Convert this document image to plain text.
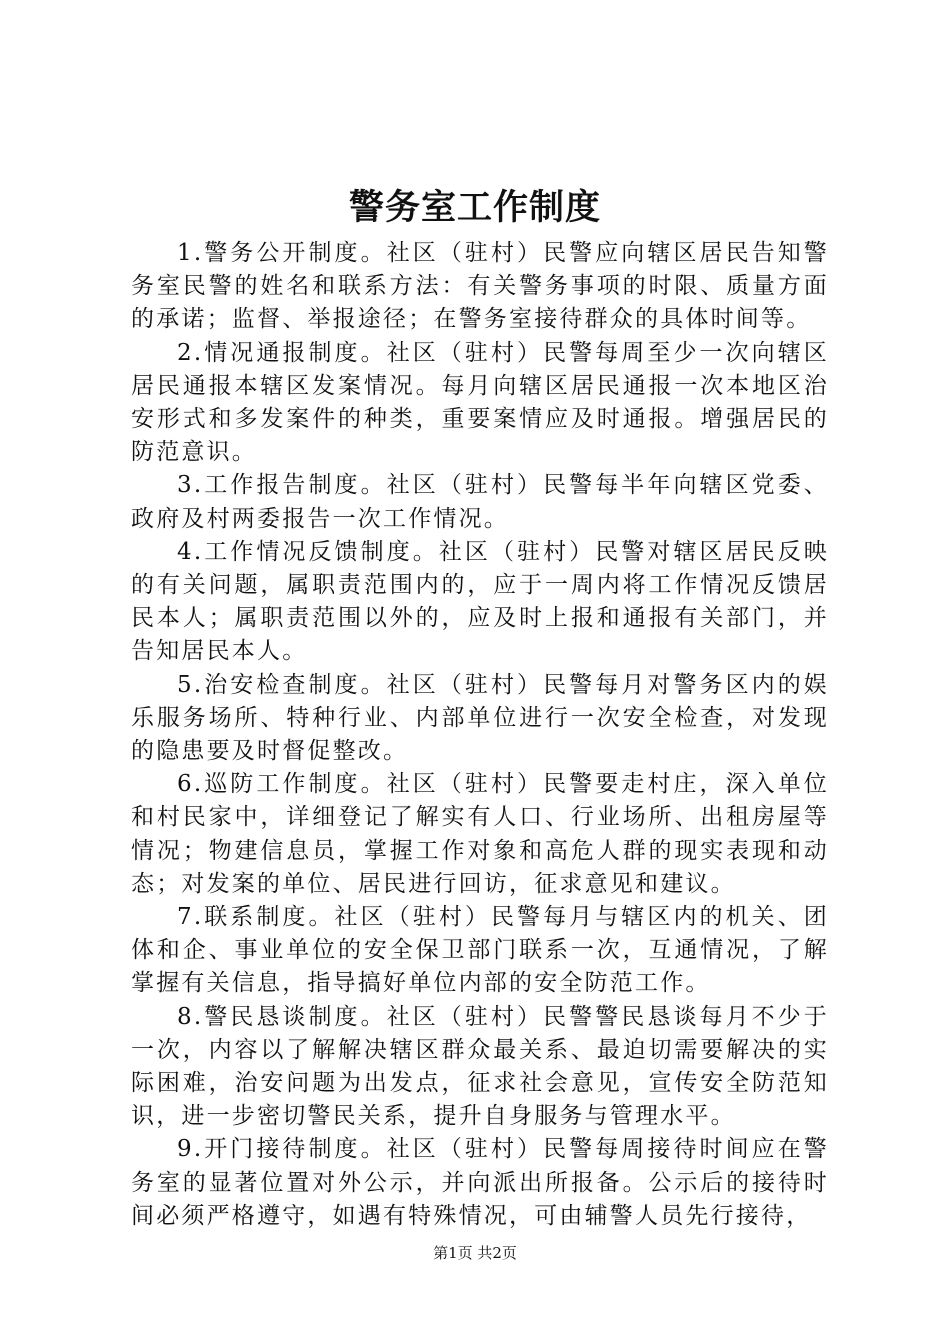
警务室工作制度

1.警务公开制度。社区（驻村）民警应向辖区居民告知警务室民警的姓名和联系方法：有关警务事项的时限、质量方面的承诺；监督、举报途径；在警务室接待群众的具体时间等。

2.情况通报制度。社区（驻村）民警每周至少一次向辖区居民通报本辖区发案情况。每月向辖区居民通报一次本地区治安形式和多发案件的种类，重要案情应及时通报。增强居民的防范意识。

3.工作报告制度。社区（驻村）民警每半年向辖区党委、政府及村两委报告一次工作情况。

4.工作情况反馈制度。社区（驻村）民警对辖区居民反映的有关问题，属职责范围内的，应于一周内将工作情况反馈居民本人；属职责范围以外的，应及时上报和通报有关部门，并告知居民本人。

5.治安检查制度。社区（驻村）民警每月对警务区内的娱乐服务场所、特种行业、内部单位进行一次安全检查，对发现的隐患要及时督促整改。

6.巡防工作制度。社区（驻村）民警要走村庄，深入单位和村民家中，详细登记了解实有人口、行业场所、出租房屋等情况；物建信息员，掌握工作对象和高危人群的现实表现和动态；对发案的单位、居民进行回访，征求意见和建议。

7.联系制度。社区（驻村）民警每月与辖区内的机关、团体和企、事业单位的安全保卫部门联系一次，互通情况，了解掌握有关信息，指导搞好单位内部的安全防范工作。

8.警民恳谈制度。社区（驻村）民警警民恳谈每月不少于一次，内容以了解解决辖区群众最关系、最迫切需要解决的实际困难，治安问题为出发点，征求社会意见，宣传安全防范知识，进一步密切警民关系，提升自身服务与管理水平。

9.开门接待制度。社区（驻村）民警每周接待时间应在警务室的显著位置对外公示，并向派出所报备。公示后的接待时间必须严格遵守，如遇有特殊情况，可由辅警人员先行接待，

第1页 共2页
